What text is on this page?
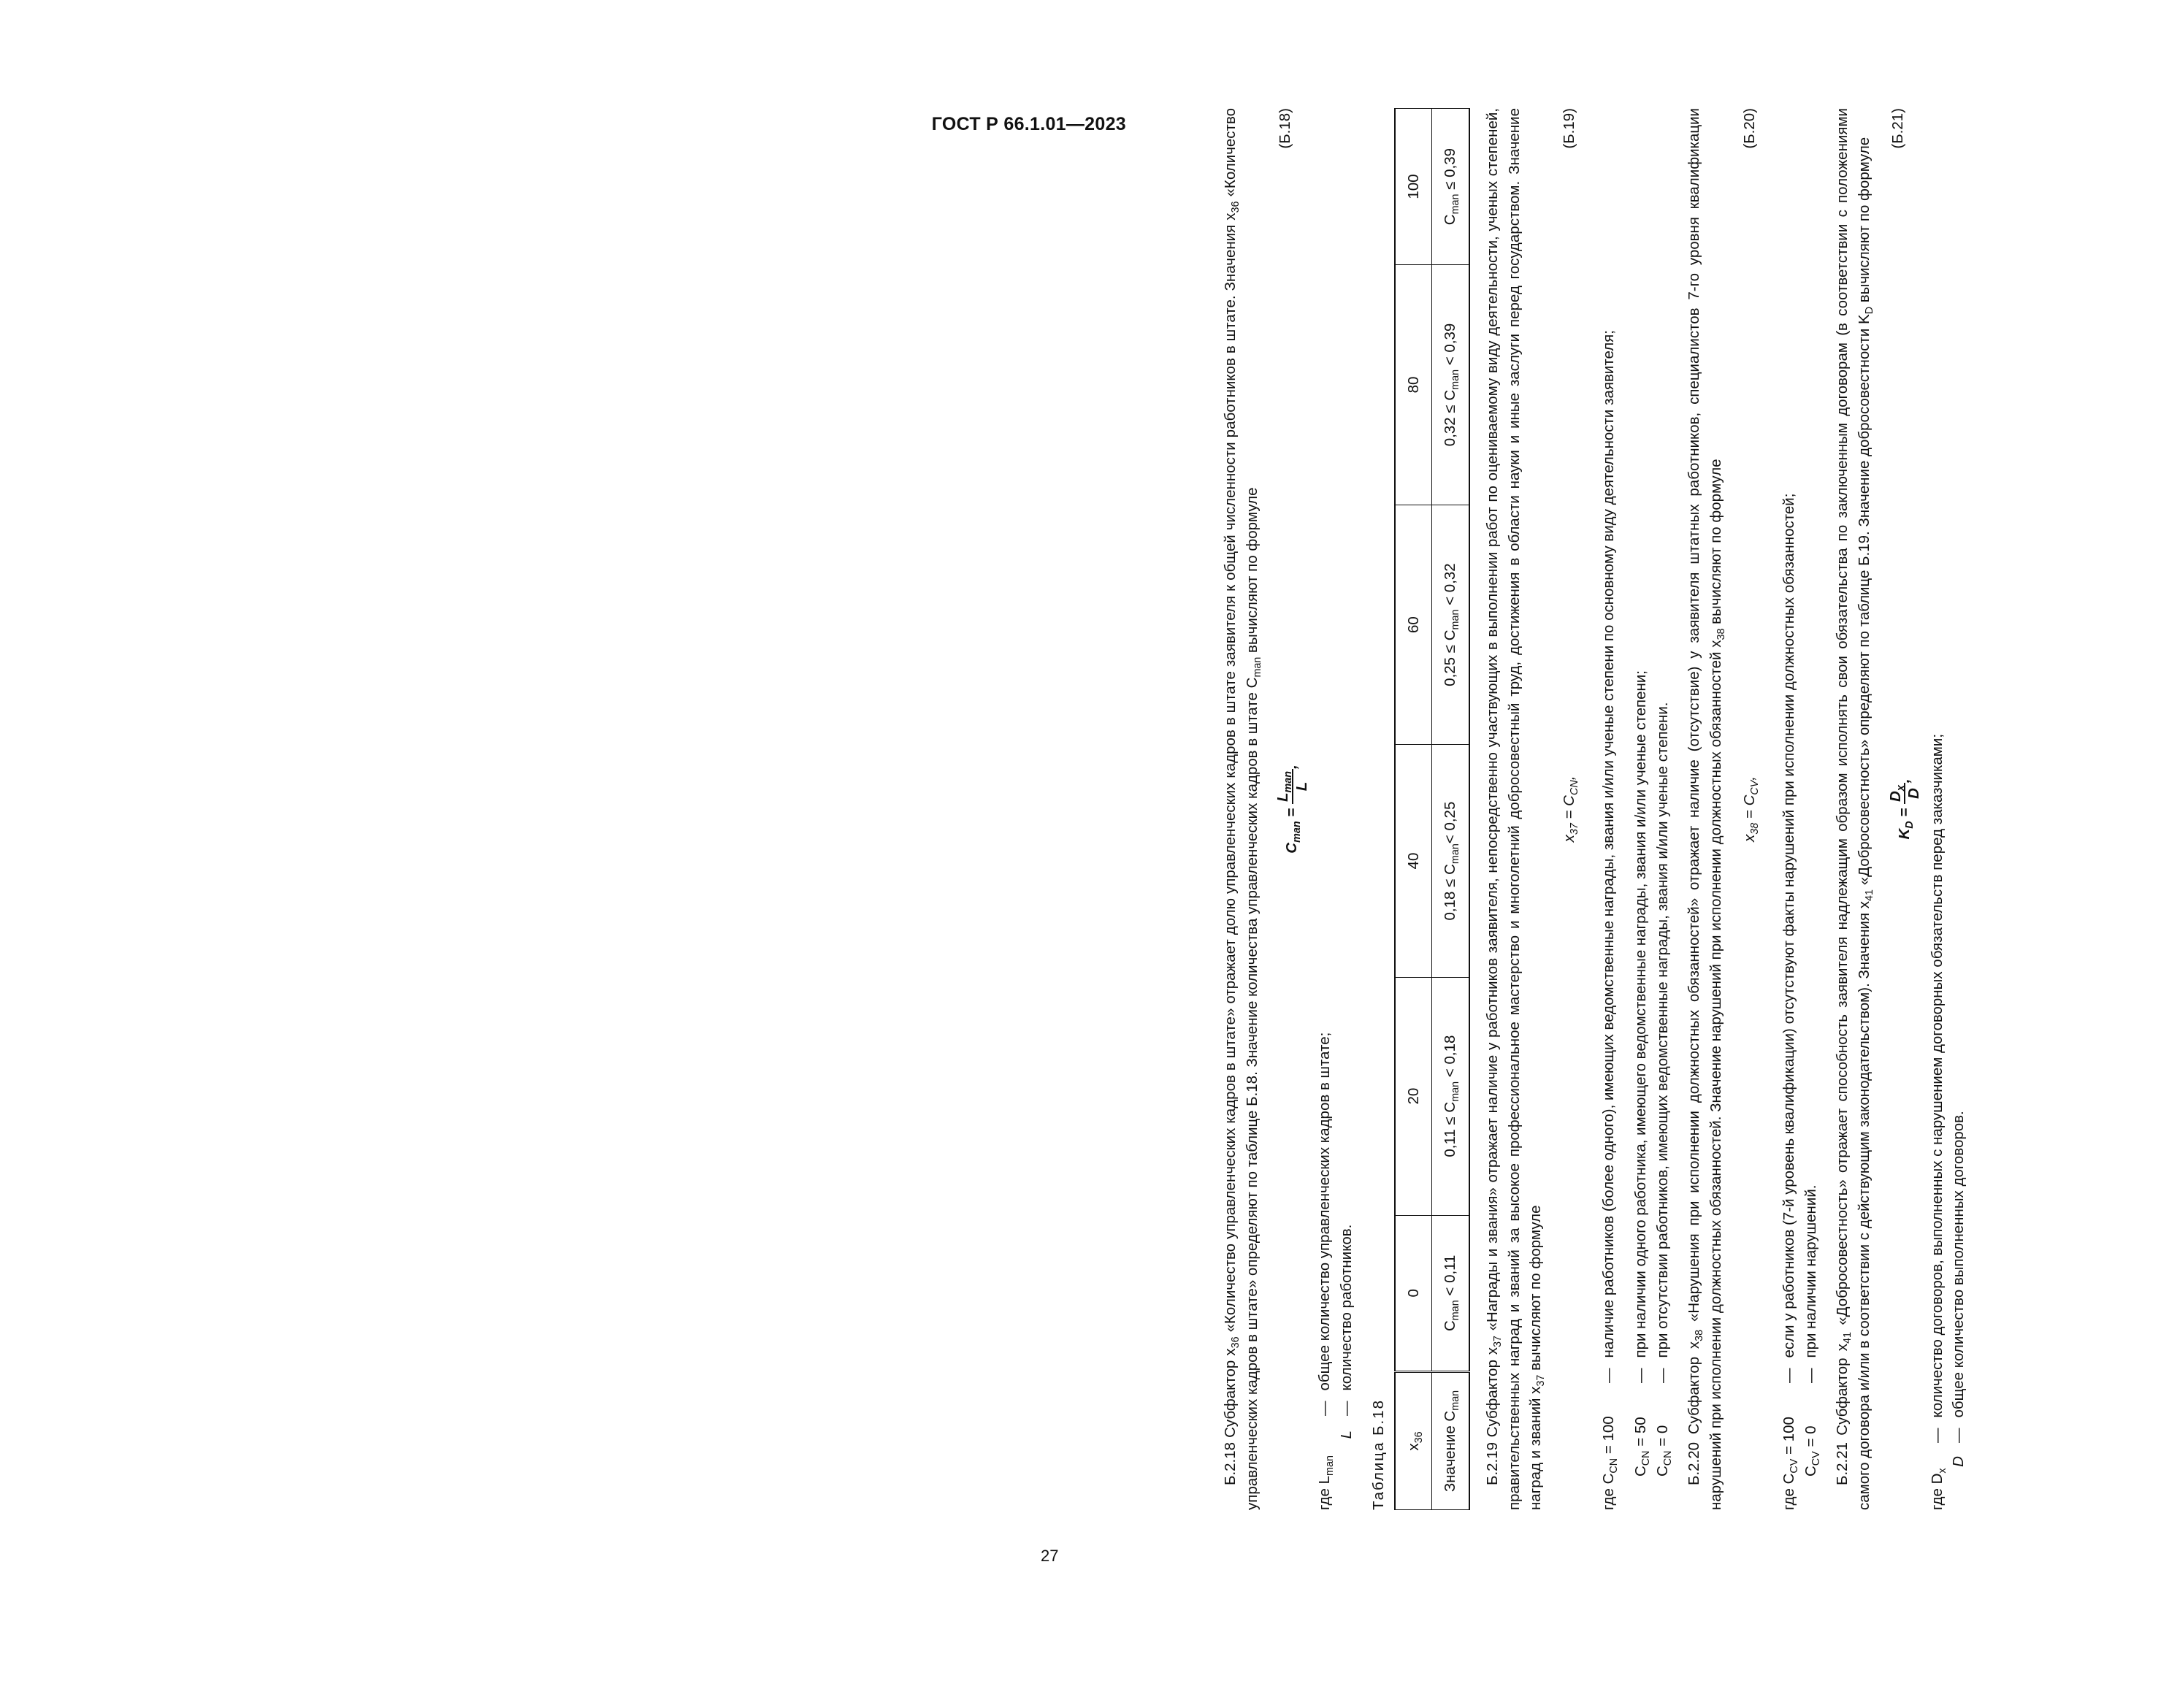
ГОСТ Р 66.1.01—2023
27

Б.2.18 Субфактор $x_{36}$ «Количество управленческих кадров в штате» отражает долю управленческих кадров в штате заявителя к общей численности работников в штате. Значения $x_{36}$ «Количество управленческих кадров в штате» определяют по таблице Б.18. Значение количества управленческих кадров в штате $C_{man}$ вычисляют по формуле

$C_{man}$ =
$L_{man}$
L
,
(Б.18)
где $L_{man}$
—
общее количество управленческих кадров в штате;
L
—
количество работников.
Таблица Б.18 $x_{36}$	0	20	40	60	80	100
Значение $C_{man}$	$C_{man} < 0,11$	$0,11 \le C_{man} < 0,18$	$0,18 \le C_{man}< 0,25$	$0,25 \le C_{man} < 0,32$	$0,32 \le C_{man} < 0,39$	$C_{man} \le 0,39$

Б.2.19 Субфактор $x_{37}$ «Награды и звания» отражает наличие у работников заявителя, непосредственно участвующих в выполнении работ по оцениваемому виду деятельности, ученых степеней, правительственных наград и званий за высокое профессиональное мастерство и многолетний добросовестный труд, достижения в области науки и иные заслуги перед государством. Значение наград и званий $x_{37}$ вычисляют по формуле

$x_{37} = C_{CN}$,
(Б.19)
где $C_{CN} = 100$
—
наличие работников (более одного), имеющих ведомственные награды, звания и/или ученые степени по основному виду деятельности заявителя;
$C_{CN} = 50$
—
при наличии одного работника, имеющего ведомственные награды, звания и/или ученые степени;
$C_{CN} = 0$
—
при отсутствии работников, имеющих ведомственные награды, звания и/или ученые степени.

Б.2.20 Субфактор $x_{38}$ «Нарушения при исполнении должностных обязанностей» отражает наличие (отсутствие) у заявителя штатных работников, специалистов 7-го уровня квалификации нарушений при исполнении должностных обязанностей. Значение нарушений при исполнении должностных обязанностей $x_{38}$ вычисляют по формуле

$x_{38} = C_{CV}$,
(Б.20)
где $C_{CV} = 100$
—
если у работников (7-й уровень квалификации) отсутствуют факты нарушений при исполнении должностных обязанностей;
$C_{CV} = 0$
—
при наличии нарушений.

Б.2.21 Субфактор $x_{41}$ «Добросовестность» отражает способность заявителя надлежащим образом исполнять свои обязательства по заключенным договорам (в соответствии с положениями самого договора и/или в соответствии с действующим законодательством). Значения $x_{41}$ «Добросовестность» определяют по таблице Б.19. Значение добросовестности $K_D$ вычисляют по формуле

$K_D$ =
$D_x$
D
,
(Б.21)
где $D_x$
—
количество договоров, выполненных с нарушением договорных обязательств перед заказчиками;
D
—
общее количество выполненных договоров.
